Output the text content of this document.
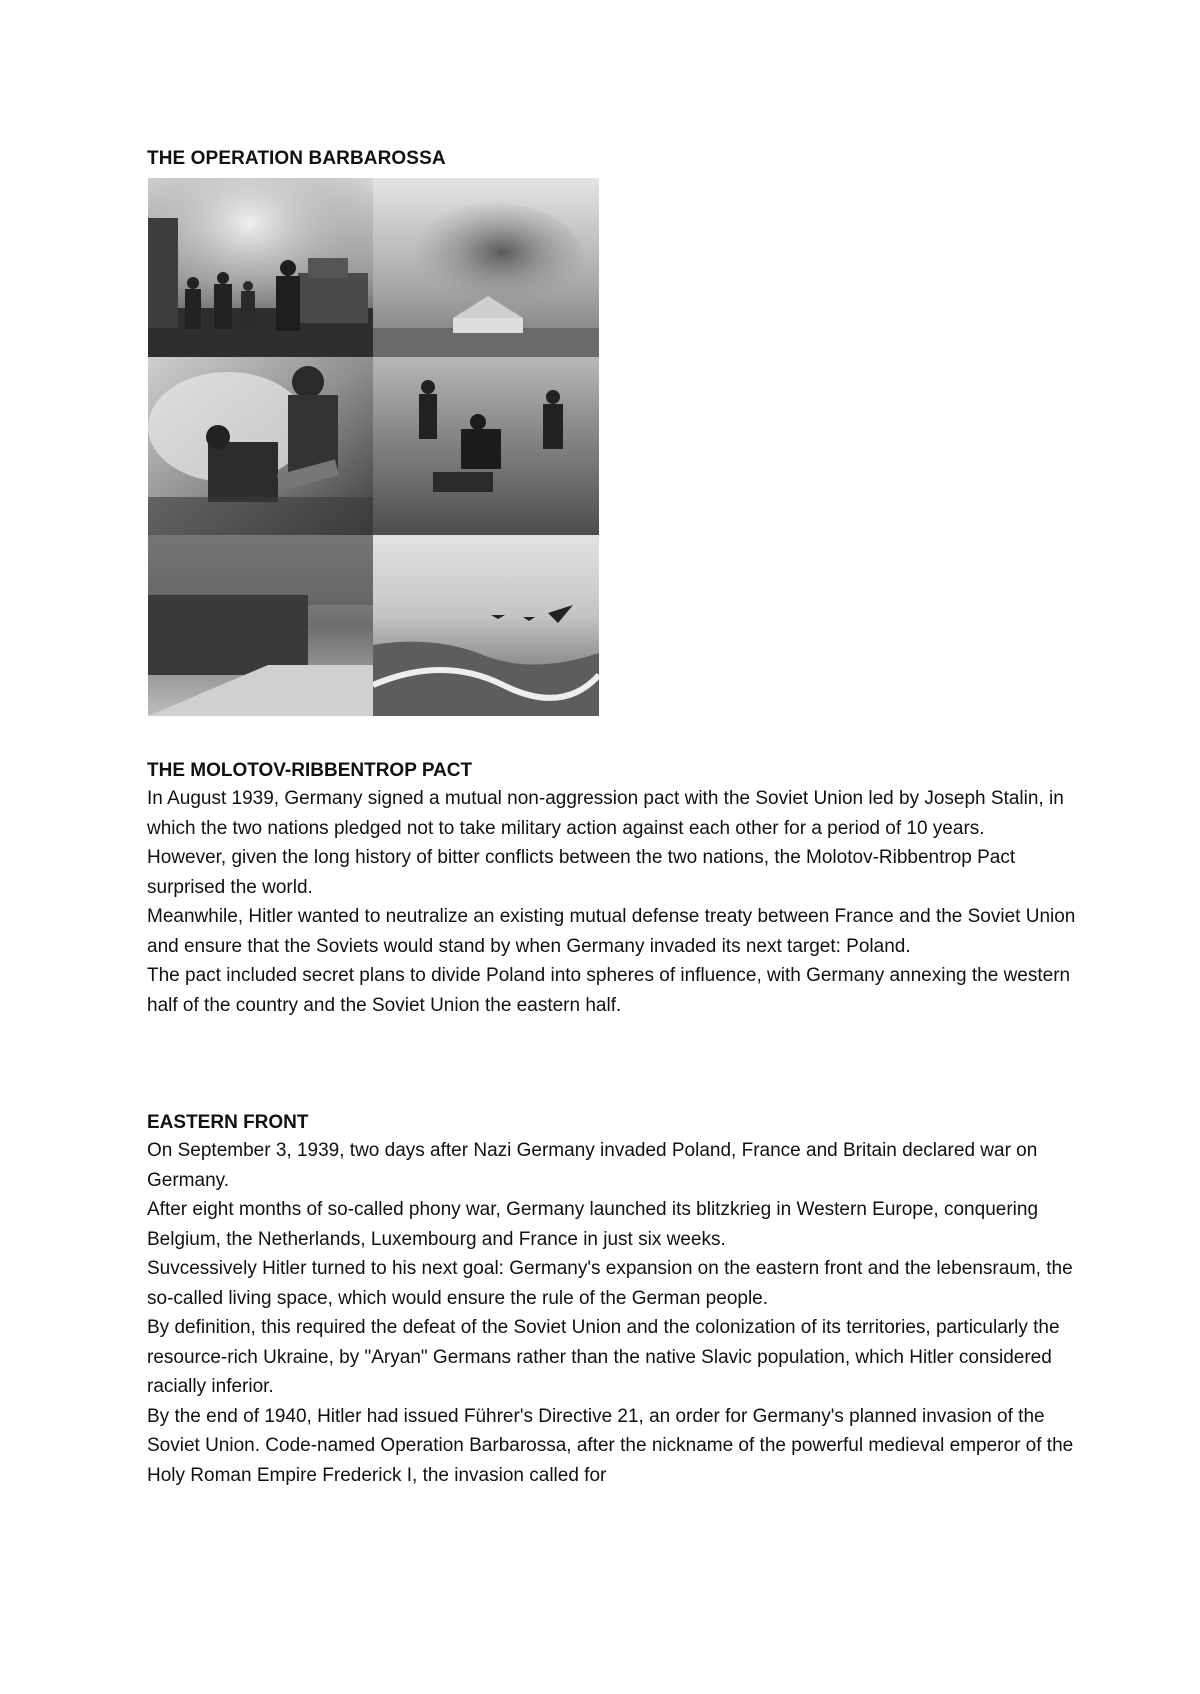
THE OPERATION BARBAROSSA
THE MOLOTOV-RIBBENTROP PACT

In August 1939, Germany signed a mutual non-aggression pact with the Soviet Union led by Joseph Stalin, in which the two nations pledged not to take military action against each other for a period of 10 years.

However, given the long history of bitter conflicts between the two nations, the Molotov-Ribbentrop Pact surprised the world.

Meanwhile, Hitler wanted to neutralize an existing mutual defense treaty between France and the Soviet Union and ensure that the Soviets would stand by when Germany invaded its next target: Poland.

The pact included secret plans to divide Poland into spheres of influence, with Germany annexing the western half of the country and the Soviet Union the eastern half.

EASTERN FRONT

On September 3, 1939, two days after Nazi Germany invaded Poland, France and Britain declared war on Germany.

After eight months of so-called phony war, Germany launched its blitzkrieg in Western Europe, conquering Belgium, the Netherlands, Luxembourg and France in just six weeks.

Suvcessively Hitler turned to his next goal: Germany's expansion on the eastern front and the lebensraum, the so-called living space, which would ensure the rule of the German people.

By definition, this required the defeat of the Soviet Union and the colonization of its territories, particularly the resource-rich Ukraine, by "Aryan" Germans rather than the native Slavic population, which Hitler considered racially inferior.

By the end of 1940, Hitler had issued Führer's Directive 21, an order for Germany's planned invasion of the Soviet Union. Code-named Operation Barbarossa, after the nickname of the powerful medieval emperor of the Holy Roman Empire Frederick I, the invasion called for
